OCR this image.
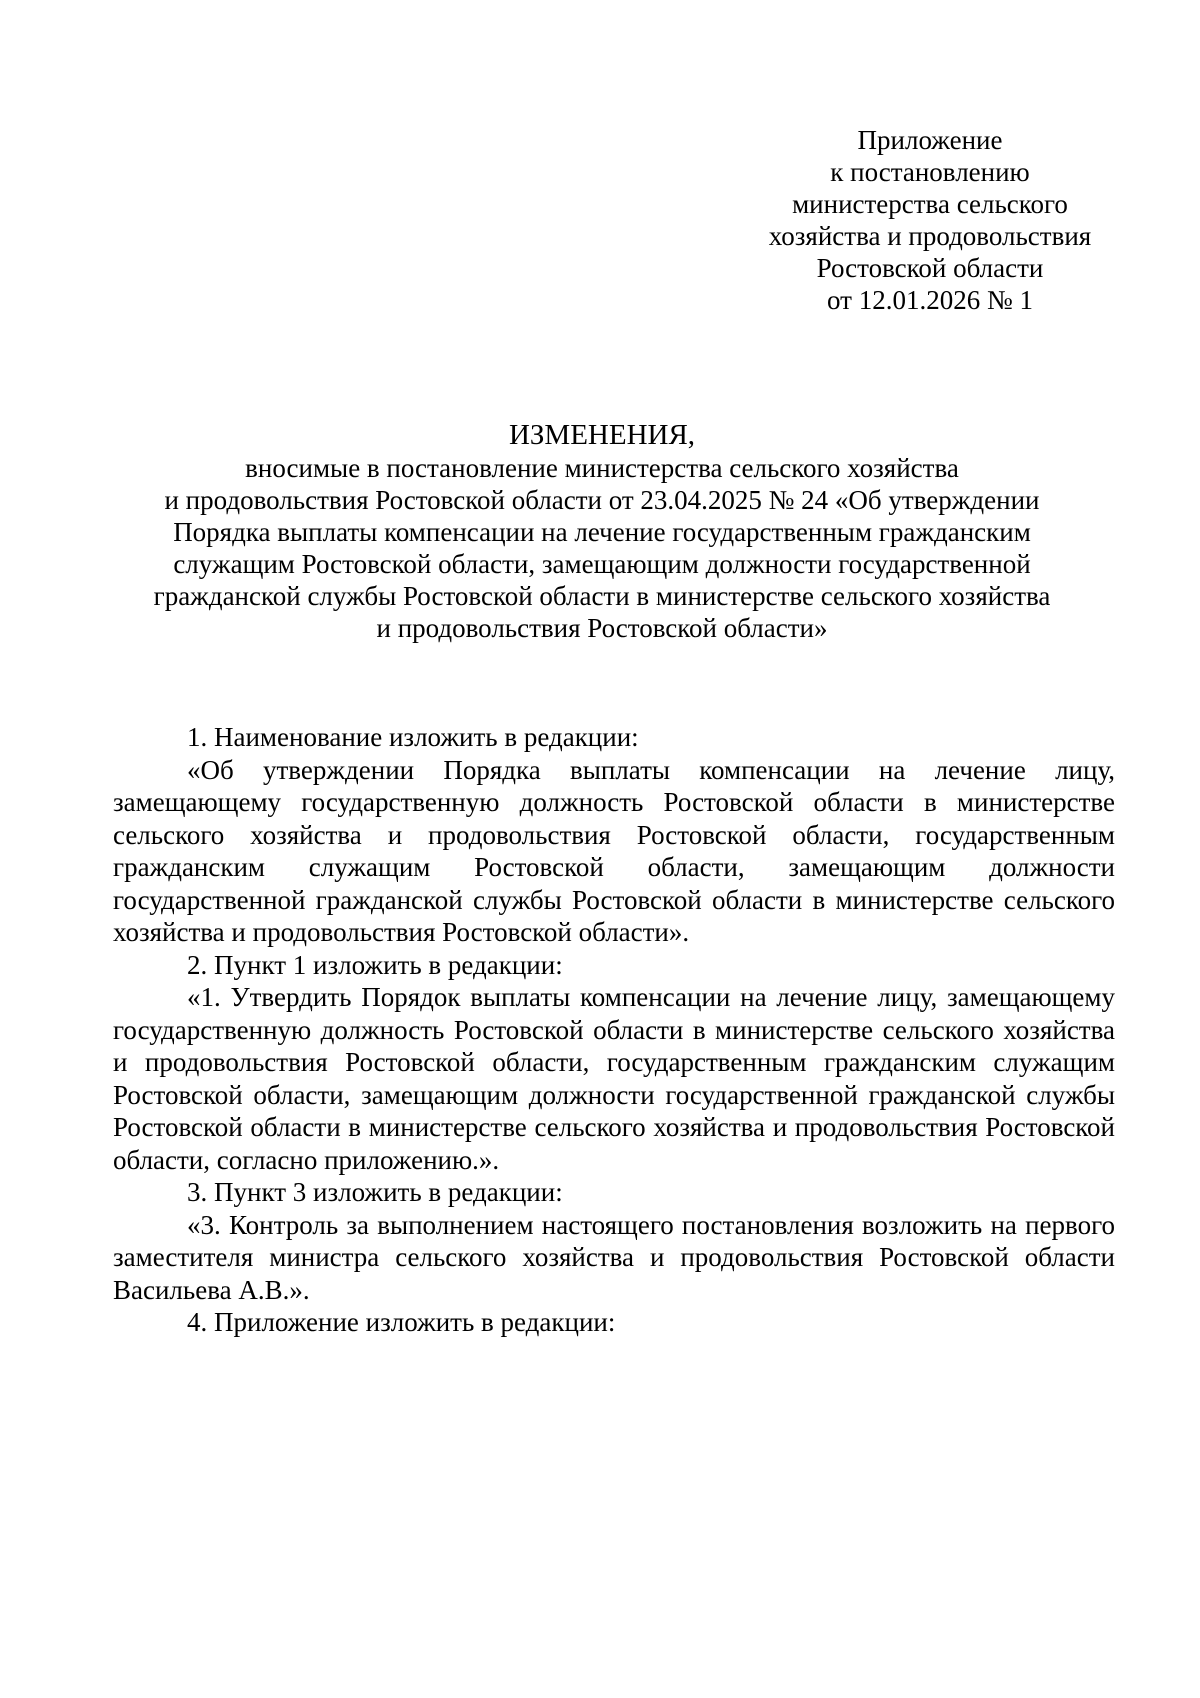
Приложение
к постановлению
министерства сельского
хозяйства и продовольствия
Ростовской области
от 12.01.2026 № 1
ИЗМЕНЕНИЯ,
вносимые в постановление министерства сельского хозяйства
и продовольствия Ростовской области от 23.04.2025 № 24 «Об утверждении
Порядка выплаты компенсации на лечение государственным гражданским
служащим Ростовской области, замещающим должности государственной
гражданской службы Ростовской области в министерстве сельского хозяйства
и продовольствия Ростовской области»

1. Наименование изложить в редакции:

«Об утверждении Порядка выплаты компенсации на лечение лицу, замещающему государственную должность Ростовской области в министерстве сельского хозяйства и продовольствия Ростовской области, государственным гражданским служащим Ростовской области, замещающим должности государственной гражданской службы Ростовской области в министерстве сельского хозяйства и продовольствия Ростовской области».

2. Пункт 1 изложить в редакции:

«1. Утвердить Порядок выплаты компенсации на лечение лицу, замещающему государственную должность Ростовской области в министерстве сельского хозяйства и продовольствия Ростовской области, государственным гражданским служащим Ростовской области, замещающим должности государственной гражданской службы Ростовской области в министерстве сельского хозяйства и продовольствия Ростовской области, согласно приложению.».

3. Пункт 3 изложить в редакции:

«3. Контроль за выполнением настоящего постановления возложить на первого заместителя министра сельского хозяйства и продовольствия Ростовской области Васильева А.В.».

4. Приложение изложить в редакции:
